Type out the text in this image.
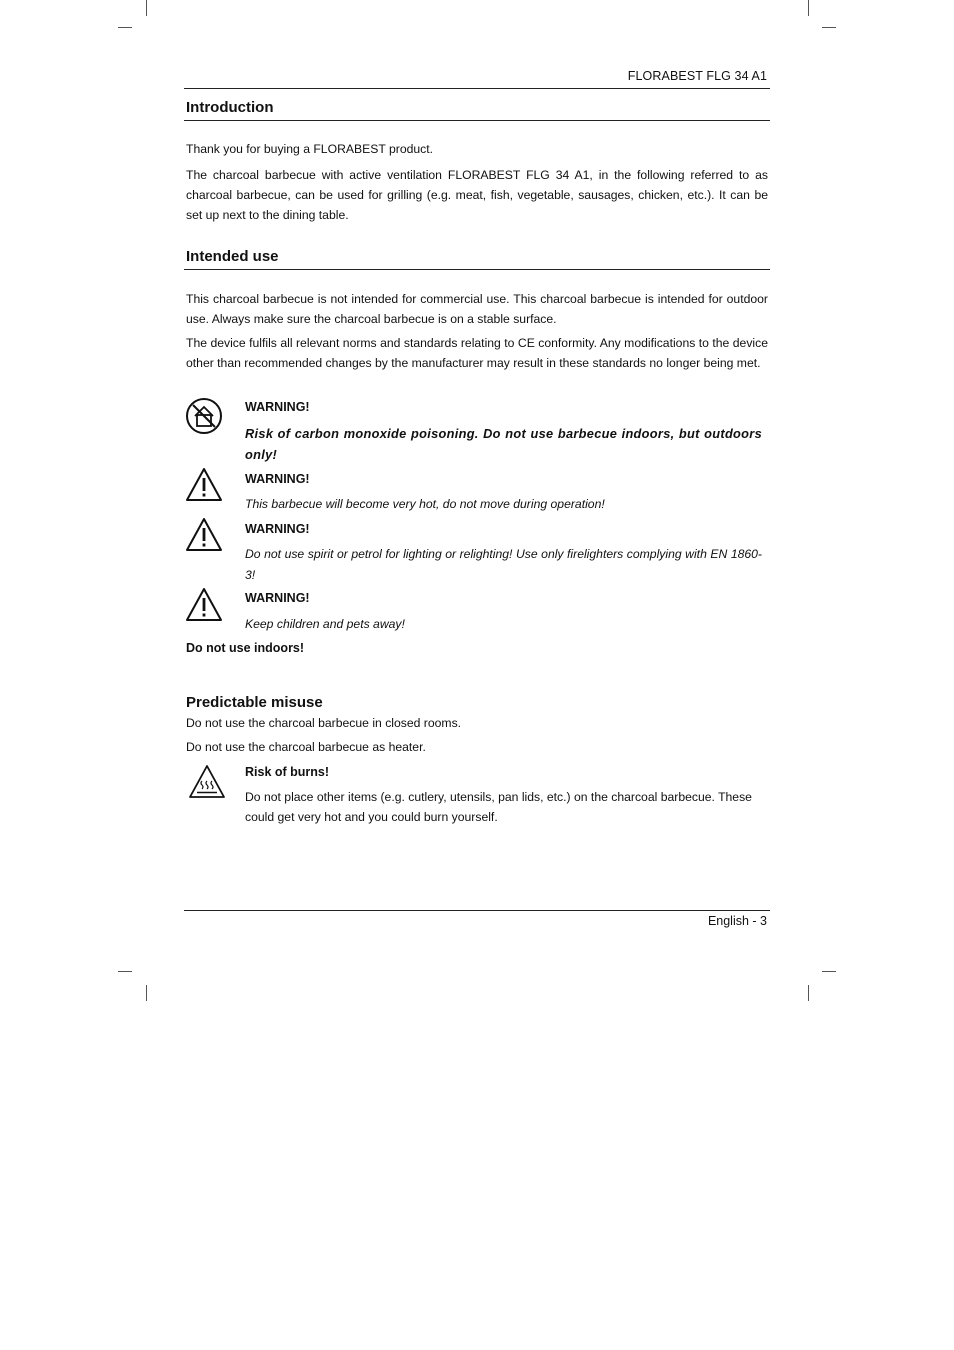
FLORABEST FLG 34 A1
Introduction
Thank you for buying a FLORABEST product.
The charcoal barbecue with active ventilation FLORABEST FLG 34 A1, in the following referred to as charcoal barbecue, can be used for grilling (e.g. meat, fish, vegetable, sausages, chicken, etc.). It can be set up next to the dining table.
Intended use
This charcoal barbecue is not intended for commercial use. This charcoal barbecue is intended for outdoor use. Always make sure the charcoal barbecue is on a stable surface.
The device fulfils all relevant norms and standards relating to CE conformity. Any modifications to the device other than recommended changes by the manufacturer may result in these standards no longer being met.
WARNING!
Risk of carbon monoxide poisoning. Do not use barbecue indoors, but outdoors only!
WARNING!
This barbecue will become very hot, do not move during operation!
WARNING!
Do not use spirit or petrol for lighting or relighting! Use only firelighters complying with EN 1860-3!
WARNING!
Keep children and pets away!
Do not use indoors!
Predictable misuse
Do not use the charcoal barbecue in closed rooms.
Do not use the charcoal barbecue as heater.
Risk of burns!
Do not place other items (e.g. cutlery, utensils, pan lids, etc.) on the charcoal barbecue. These could get very hot and you could burn yourself.
English - 3
